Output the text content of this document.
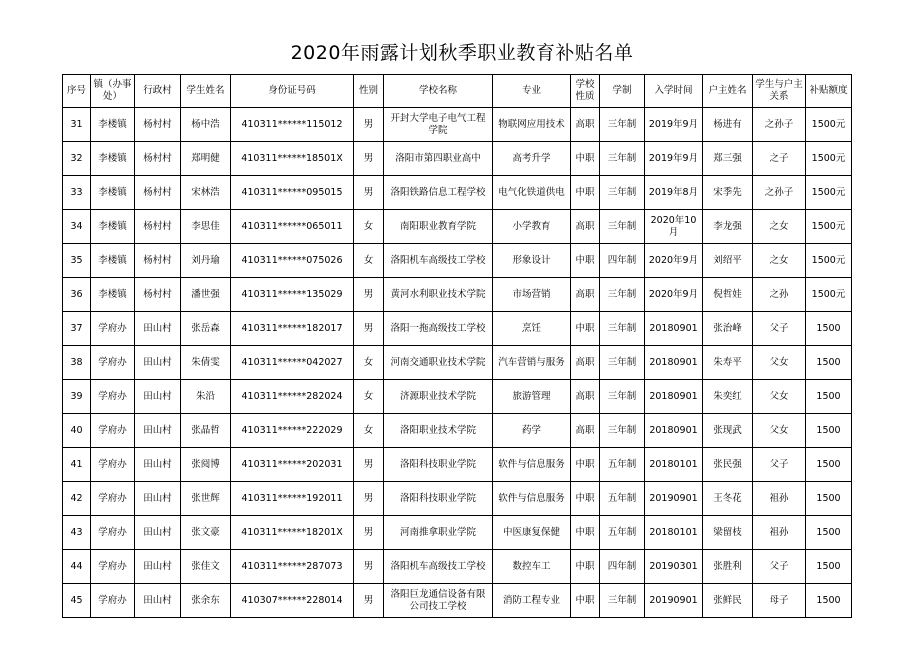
2020年雨露计划秋季职业教育补贴名单
序号	镇（办事处）	行政村	学生姓名	身份证号码	性别	学校名称	专业	学校性质	学制	入学时间	户主姓名	学生与户主关系	补贴额度
31	李楼镇	杨村村	杨中浩	410311******115012	男	开封大学电子电气工程学院	物联网应用技术	高职	三年制	2019年9月	杨进有	之孙子	1500元
32	李楼镇	杨村村	郑明健	410311******18501X	男	洛阳市第四职业高中	高考升学	中职	三年制	2019年9月	郑三强	之子	1500元
33	李楼镇	杨村村	宋林浩	410311******095015	男	洛阳铁路信息工程学校	电气化铁道供电	中职	三年制	2019年8月	宋季先	之孙子	1500元
34	李楼镇	杨村村	李思佳	410311******065011	女	南阳职业教育学院	小学教育	高职	三年制	2020年10月	李龙强	之女	1500元
35	李楼镇	杨村村	刘丹瑜	410311******075026	女	洛阳机车高级技工学校	形象设计	中职	四年制	2020年9月	刘绍平	之女	1500元
36	李楼镇	杨村村	潘世强	410311******135029	男	黄河水利职业技术学院	市场营销	高职	三年制	2020年9月	倪哲娃	之孙	1500元
37	学府办	田山村	张岳森	410311******182017	男	洛阳一拖高级技工学校	烹饪	中职	三年制	20180901	张治峰	父子	1500
38	学府办	田山村	朱倩雯	410311******042027	女	河南交通职业技术学院	汽车营销与服务	高职	三年制	20180901	朱寿平	父女	1500
39	学府办	田山村	朱沿	410311******282024	女	济源职业技术学院	旅游管理	高职	三年制	20180901	朱奕红	父女	1500
40	学府办	田山村	张晶哲	410311******222029	女	洛阳职业技术学院	药学	高职	三年制	20180901	张现武	父女	1500
41	学府办	田山村	张阅博	410311******202031	男	洛阳科技职业学院	软件与信息服务	中职	五年制	20180101	张民强	父子	1500
42	学府办	田山村	张世辉	410311******192011	男	洛阳科技职业学院	软件与信息服务	中职	五年制	20190901	王冬花	祖孙	1500
43	学府办	田山村	张文豪	410311******18201X	男	河南推拿职业学院	中医康复保健	中职	五年制	20180101	梁留枝	祖孙	1500
44	学府办	田山村	张佳文	410311******287073	男	洛阳机车高级技工学校	数控车工	中职	四年制	20190301	张胜利	父子	1500
45	学府办	田山村	张余东	410307******228014	男	洛阳巨龙通信设备有限公司技工学校	消防工程专业	中职	三年制	20190901	张鲜民	母子	1500
